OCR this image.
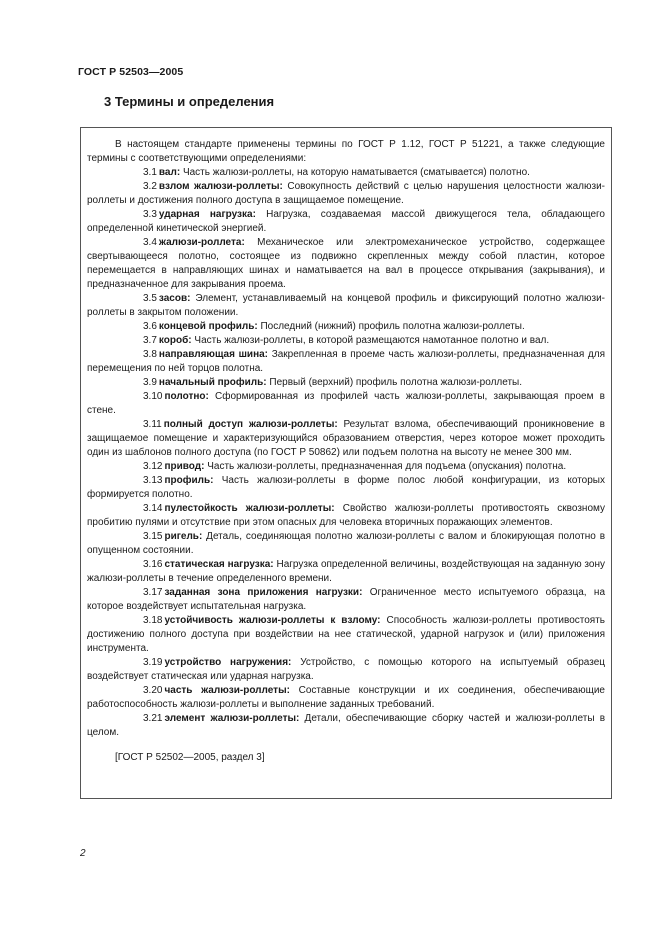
ГОСТ Р 52503—2005
3 Термины и определения
В настоящем стандарте применены термины по ГОСТ Р 1.12, ГОСТ Р 51221, а также следующие термины с соответствующими определениями:
3.1 вал: Часть жалюзи-роллеты, на которую наматывается (сматывается) полотно.
3.2 взлом жалюзи-роллеты: Совокупность действий с целью нарушения целостности жалюзи-роллеты и достижения полного доступа в защищаемое помещение.
3.3 ударная нагрузка: Нагрузка, создаваемая массой движущегося тела, обладающего определенной кинетической энергией.
3.4 жалюзи-роллета: Механическое или электромеханическое устройство, содержащее свертывающееся полотно, состоящее из подвижно скрепленных между собой пластин, которое перемещается в направляющих шинах и наматывается на вал в процессе открывания (закрывания), и предназначенное для закрывания проема.
3.5 засов: Элемент, устанавливаемый на концевой профиль и фиксирующий полотно жалюзи-роллеты в закрытом положении.
3.6 концевой профиль: Последний (нижний) профиль полотна жалюзи-роллеты.
3.7 короб: Часть жалюзи-роллеты, в которой размещаются намотанное полотно и вал.
3.8 направляющая шина: Закрепленная в проеме часть жалюзи-роллеты, предназначенная для перемещения по ней торцов полотна.
3.9 начальный профиль: Первый (верхний) профиль полотна жалюзи-роллеты.
3.10 полотно: Сформированная из профилей часть жалюзи-роллеты, закрывающая проем в стене.
3.11 полный доступ жалюзи-роллеты: Результат взлома, обеспечивающий проникновение в защищаемое помещение и характеризующийся образованием отверстия, через которое может проходить один из шаблонов полного доступа (по ГОСТ Р 50862) или подъем полотна на высоту не менее 300 мм.
3.12 привод: Часть жалюзи-роллеты, предназначенная для подъема (опускания) полотна.
3.13 профиль: Часть жалюзи-роллеты в форме полос любой конфигурации, из которых формируется полотно.
3.14 пулестойкость жалюзи-роллеты: Свойство жалюзи-роллеты противостоять сквозному пробитию пулями и отсутствие при этом опасных для человека вторичных поражающих элементов.
3.15 ригель: Деталь, соединяющая полотно жалюзи-роллеты с валом и блокирующая полотно в опущенном состоянии.
3.16 статическая нагрузка: Нагрузка определенной величины, воздействующая на заданную зону жалюзи-роллеты в течение определенного времени.
3.17 заданная зона приложения нагрузки: Ограниченное место испытуемого образца, на которое воздействует испытательная нагрузка.
3.18 устойчивость жалюзи-роллеты к взлому: Способность жалюзи-роллеты противостоять достижению полного доступа при воздействии на нее статической, ударной нагрузок и (или) приложения инструмента.
3.19 устройство нагружения: Устройство, с помощью которого на испытуемый образец воздействует статическая или ударная нагрузка.
3.20 часть жалюзи-роллеты: Составные конструкции и их соединения, обеспечивающие работоспособность жалюзи-роллеты и выполнение заданных требований.
3.21 элемент жалюзи-роллеты: Детали, обеспечивающие сборку частей и жалюзи-роллеты в целом.
[ГОСТ Р 52502—2005, раздел 3]
2
